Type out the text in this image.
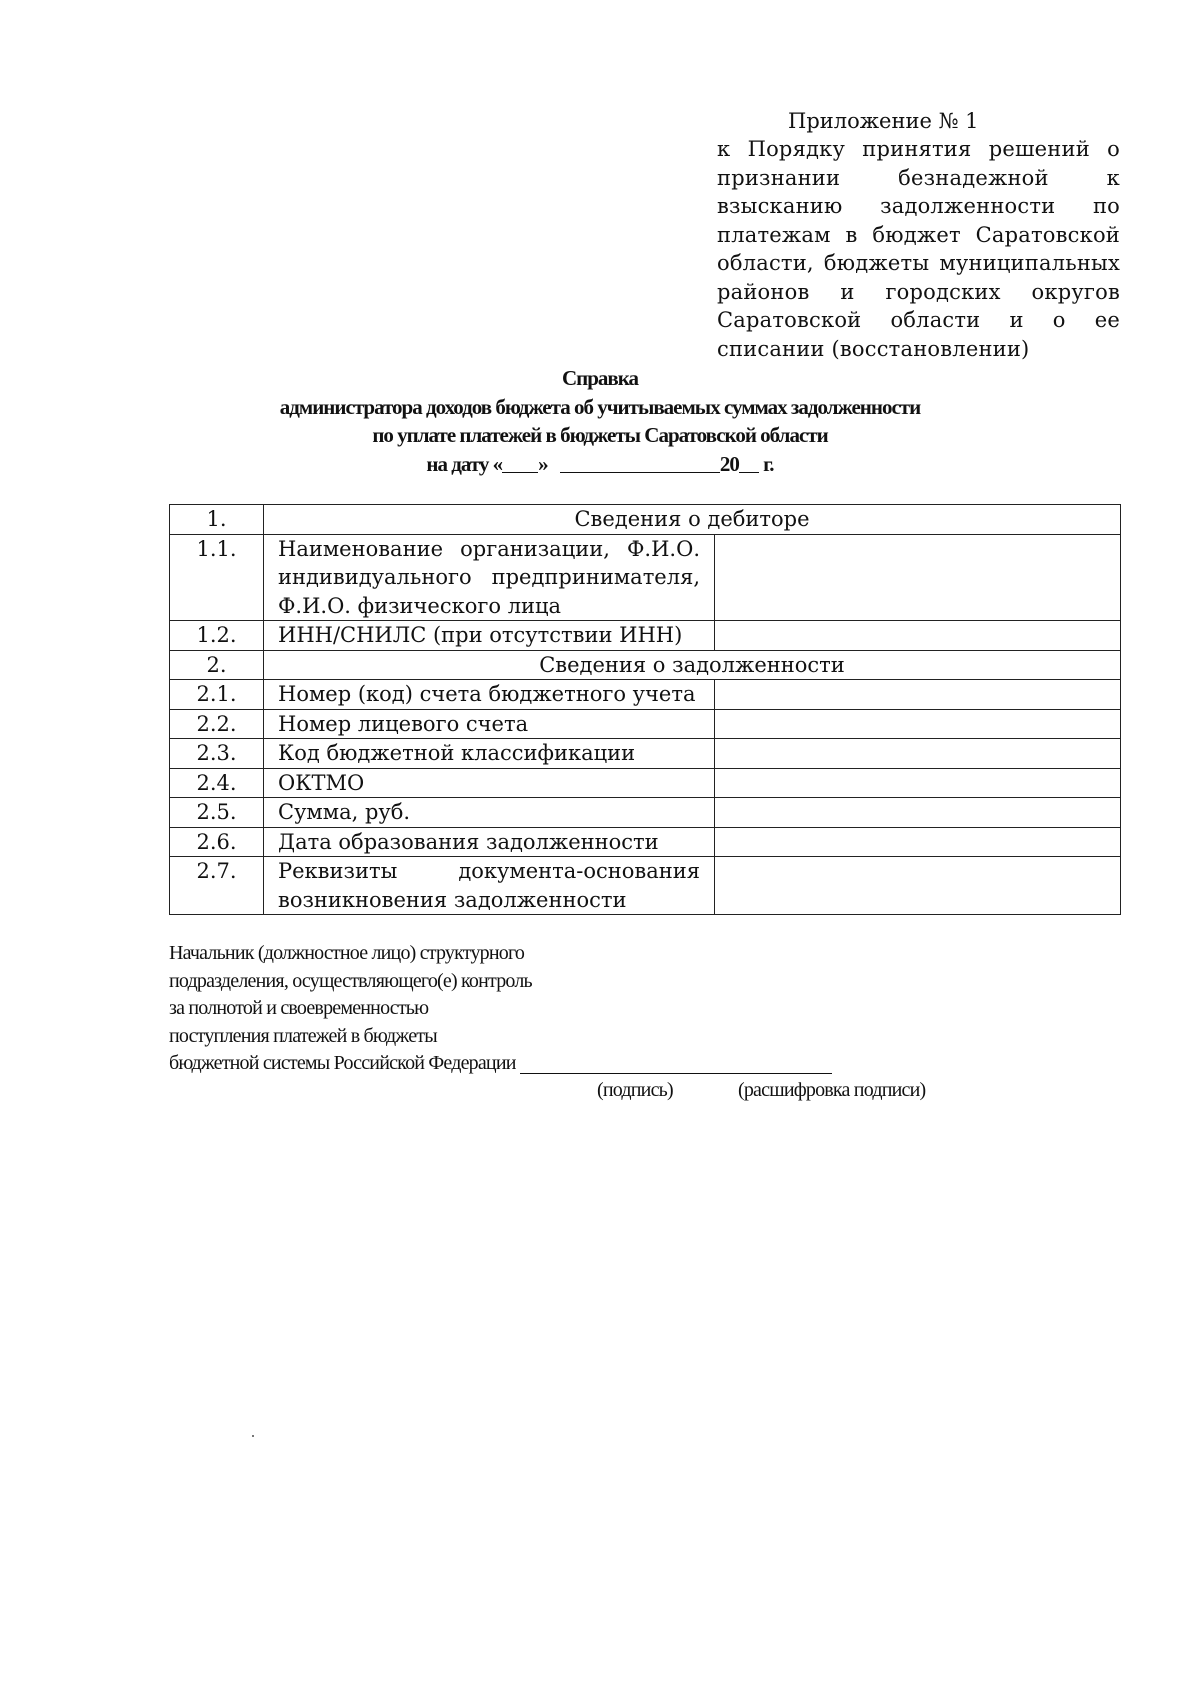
Приложение № 1
к Порядку принятия решений о признании безнадежной к взысканию задолженности по платежам в бюджет Саратовской области, бюджеты муниципальных районов и городских округов Саратовской области и о ее списании (восстановлении)
Справка
администратора доходов бюджета об учитываемых суммах задолженности
по уплате платежей в бюджеты Саратовской области
на дату « »	20 г.
1.	Сведения о дебиторе	
1.1.	Наименование организации, Ф.И.О. индивидуального предпринимателя, Ф.И.О. физического лица	
1.2.	ИНН/СНИЛС (при отсутствии ИНН)	
2.	Сведения о задолженности	
2.1.	Номер (код) счета бюджетного учета	
2.2.	Номер лицевого счета	
2.3.	Код бюджетной классификации	
2.4.	ОКТМО	
2.5.	Сумма, руб.	
2.6.	Дата образования задолженности	
2.7.	Реквизиты документа-основания возникновения задолженности	
Начальник (должностное лицо) структурного
подразделения, осуществляющего(е) контроль
за полнотой и своевременностью
поступления платежей в бюджеты
бюджетной системы Российской Федерации
(подпись)	(расшифровка подписи)
